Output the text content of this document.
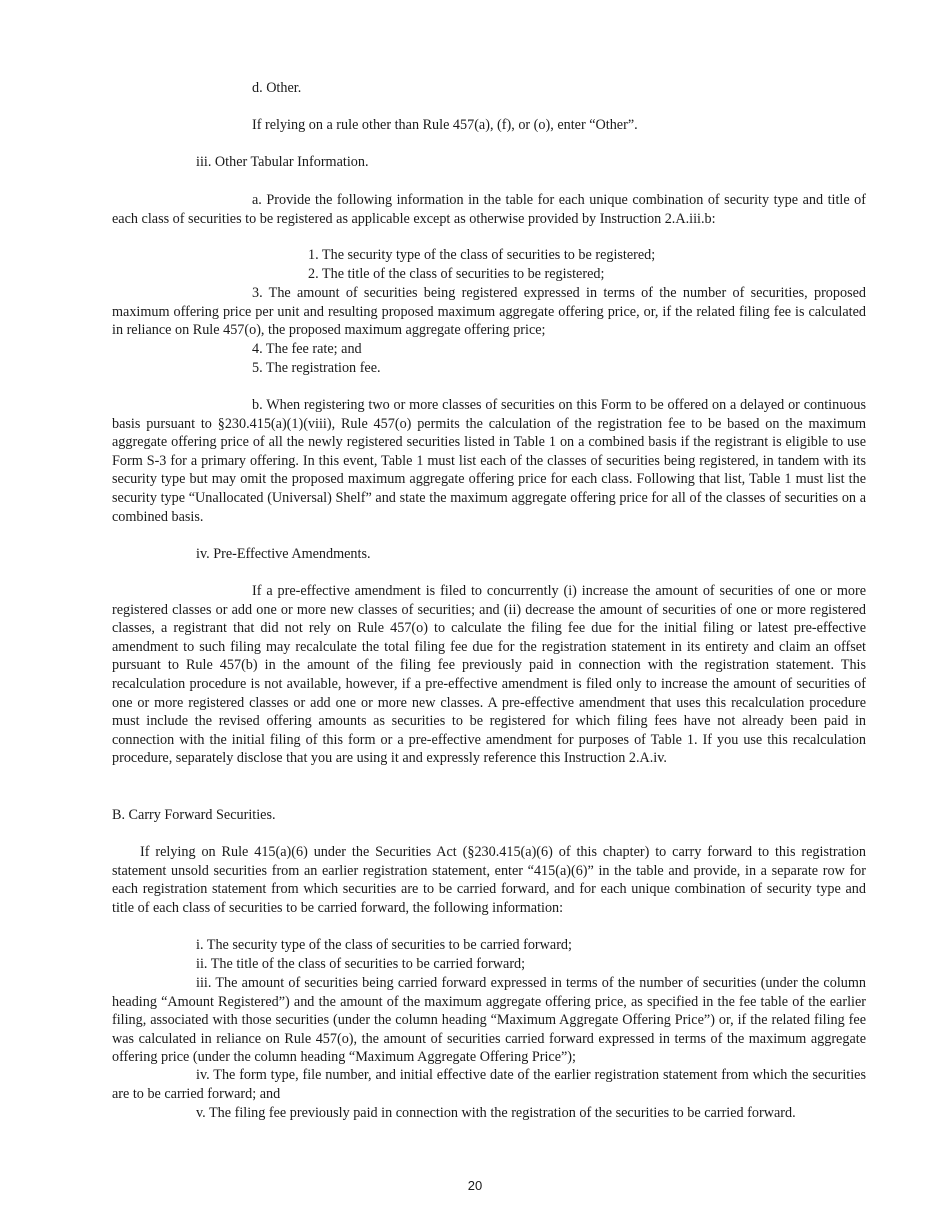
d. Other.

If relying on a rule other than Rule 457(a), (f), or (o), enter “Other”.

iii. Other Tabular Information.

a. Provide the following information in the table for each unique combination of security type and title of each class of securities to be registered as applicable except as otherwise provided by Instruction 2.A.iii.b:

1. The security type of the class of securities to be registered;

2. The title of the class of securities to be registered;

3. The amount of securities being registered expressed in terms of the number of securities, proposed maximum offering price per unit and resulting proposed maximum aggregate offering price, or, if the related filing fee is calculated in reliance on Rule 457(o), the proposed maximum aggregate offering price;

4. The fee rate; and

5. The registration fee.

b. When registering two or more classes of securities on this Form to be offered on a delayed or continuous basis pursuant to §230.415(a)(1)(viii), Rule 457(o) permits the calculation of the registration fee to be based on the maximum aggregate offering price of all the newly registered securities listed in Table 1 on a combined basis if the registrant is eligible to use Form S-3 for a primary offering. In this event, Table 1 must list each of the classes of securities being registered, in tandem with its security type but may omit the proposed maximum aggregate offering price for each class. Following that list, Table 1 must list the security type “Unallocated (Universal) Shelf” and state the maximum aggregate offering price for all of the classes of securities on a combined basis.

iv. Pre-Effective Amendments.

If a pre-effective amendment is filed to concurrently (i) increase the amount of securities of one or more registered classes or add one or more new classes of securities; and (ii) decrease the amount of securities of one or more registered classes, a registrant that did not rely on Rule 457(o) to calculate the filing fee due for the initial filing or latest pre-effective amendment to such filing may recalculate the total filing fee due for the registration statement in its entirety and claim an offset pursuant to Rule 457(b) in the amount of the filing fee previously paid in connection with the registration statement. This recalculation procedure is not available, however, if a pre-effective amendment is filed only to increase the amount of securities of one or more registered classes or add one or more new classes. A pre-effective amendment that uses this recalculation procedure must include the revised offering amounts as securities to be registered for which filing fees have not already been paid in connection with the initial filing of this form or a pre-effective amendment for purposes of Table 1. If you use this recalculation procedure, separately disclose that you are using it and expressly reference this Instruction 2.A.iv.

B. Carry Forward Securities.

If relying on Rule 415(a)(6) under the Securities Act (§230.415(a)(6) of this chapter) to carry forward to this registration statement unsold securities from an earlier registration statement, enter “415(a)(6)” in the table and provide, in a separate row for each registration statement from which securities are to be carried forward, and for each unique combination of security type and title of each class of securities to be carried forward, the following information:

i. The security type of the class of securities to be carried forward;

ii. The title of the class of securities to be carried forward;

iii. The amount of securities being carried forward expressed in terms of the number of securities (under the column heading “Amount Registered”) and the amount of the maximum aggregate offering price, as specified in the fee table of the earlier filing, associated with those securities (under the column heading “Maximum Aggregate Offering Price”) or, if the related filing fee was calculated in reliance on Rule 457(o), the amount of securities carried forward expressed in terms of the maximum aggregate offering price (under the column heading “Maximum Aggregate Offering Price”);

iv. The form type, file number, and initial effective date of the earlier registration statement from which the securities are to be carried forward; and

v. The filing fee previously paid in connection with the registration of the securities to be carried forward.

20
